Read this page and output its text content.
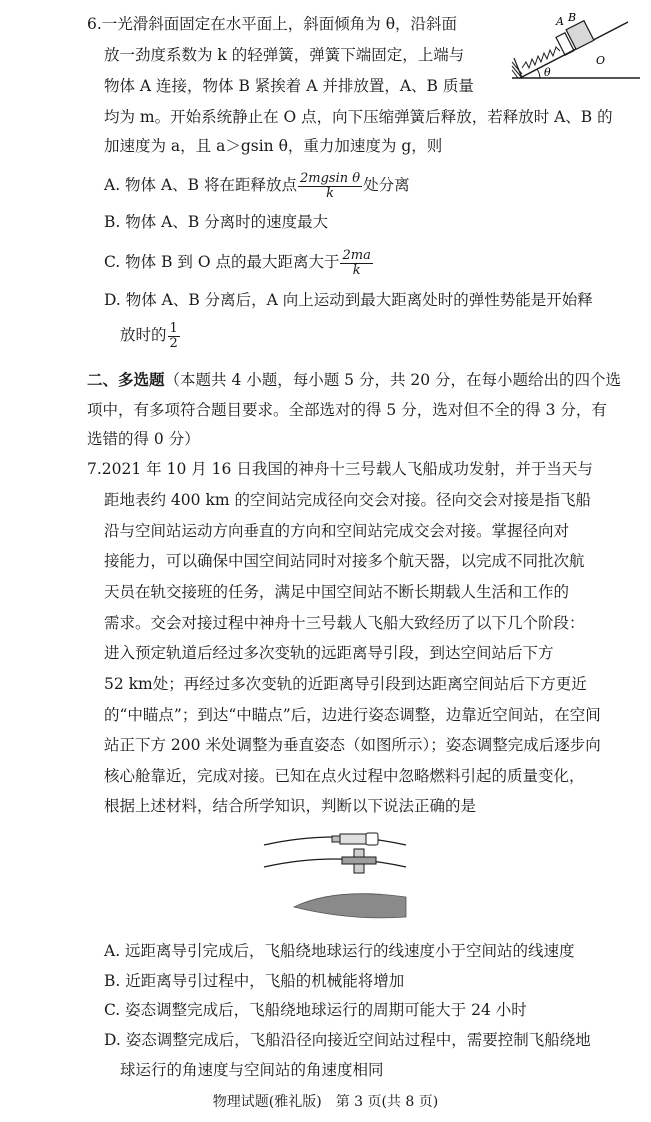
6.一光滑斜面固定在水平面上，斜面倾角为 θ，沿斜面
放一劲度系数为 k 的轻弹簧，弹簧下端固定，上端与
物体 A 连接，物体 B 紧挨着 A 并排放置，A、B 质量
均为 m。开始系统静止在 O 点，向下压缩弹簧后释放，若释放时 A、B 的
加速度为 a，且 a＞gsin θ，重力加速度为 g，则
A B
O
θ
A. 物体 A、B 将在距释放点 $\frac{\text{2mgsin θ}}{k}$ 处分离
B. 物体 A、B 分离时的速度最大
C. 物体 B 到 O 点的最大距离大于 $\frac{2ma}{k}$
D. 物体 A、B 分离后，A 向上运动到最大距离处时的弹性势能是开始释
放时的 $\frac{1}{2}$
二、多选题（本题共 4 小题，每小题 5 分，共 20 分，在每小题给出的四个选
项中，有多项符合题目要求。全部选对的得 5 分，选对但不全的得 3 分，有
选错的得 0 分）
7.2021 年 10 月 16 日我国的神舟十三号载人飞船成功发射，并于当天与
距地表约 400 km 的空间站完成径向交会对接。径向交会对接是指飞船
沿与空间站运动方向垂直的方向和空间站完成交会对接。掌握径向对
接能力，可以确保中国空间站同时对接多个航天器，以完成不同批次航
天员在轨交接班的任务，满足中国空间站不断长期载人生活和工作的
需求。交会对接过程中神舟十三号载人飞船大致经历了以下几个阶段：
进入预定轨道后经过多次变轨的远距离导引段，到达空间站后下方
52 km处；再经过多次变轨的近距离导引段到达距离空间站后下方更近
的“中瞄点”；到达“中瞄点”后，边进行姿态调整，边靠近空间站，在空间
站正下方 200 米处调整为垂直姿态（如图所示）；姿态调整完成后逐步向
核心舱靠近，完成对接。已知在点火过程中忽略燃料引起的质量变化，
根据上述材料，结合所学知识，判断以下说法正确的是
A. 远距离导引完成后，飞船绕地球运行的线速度小于空间站的线速度
B. 近距离导引过程中，飞船的机械能将增加
C. 姿态调整完成后，飞船绕地球运行的周期可能大于 24 小时
D. 姿态调整完成后，飞船沿径向接近空间站过程中，需要控制飞船绕地
球运行的角速度与空间站的角速度相同
物理试题(雅礼版)　第 3 页(共 8 页)
